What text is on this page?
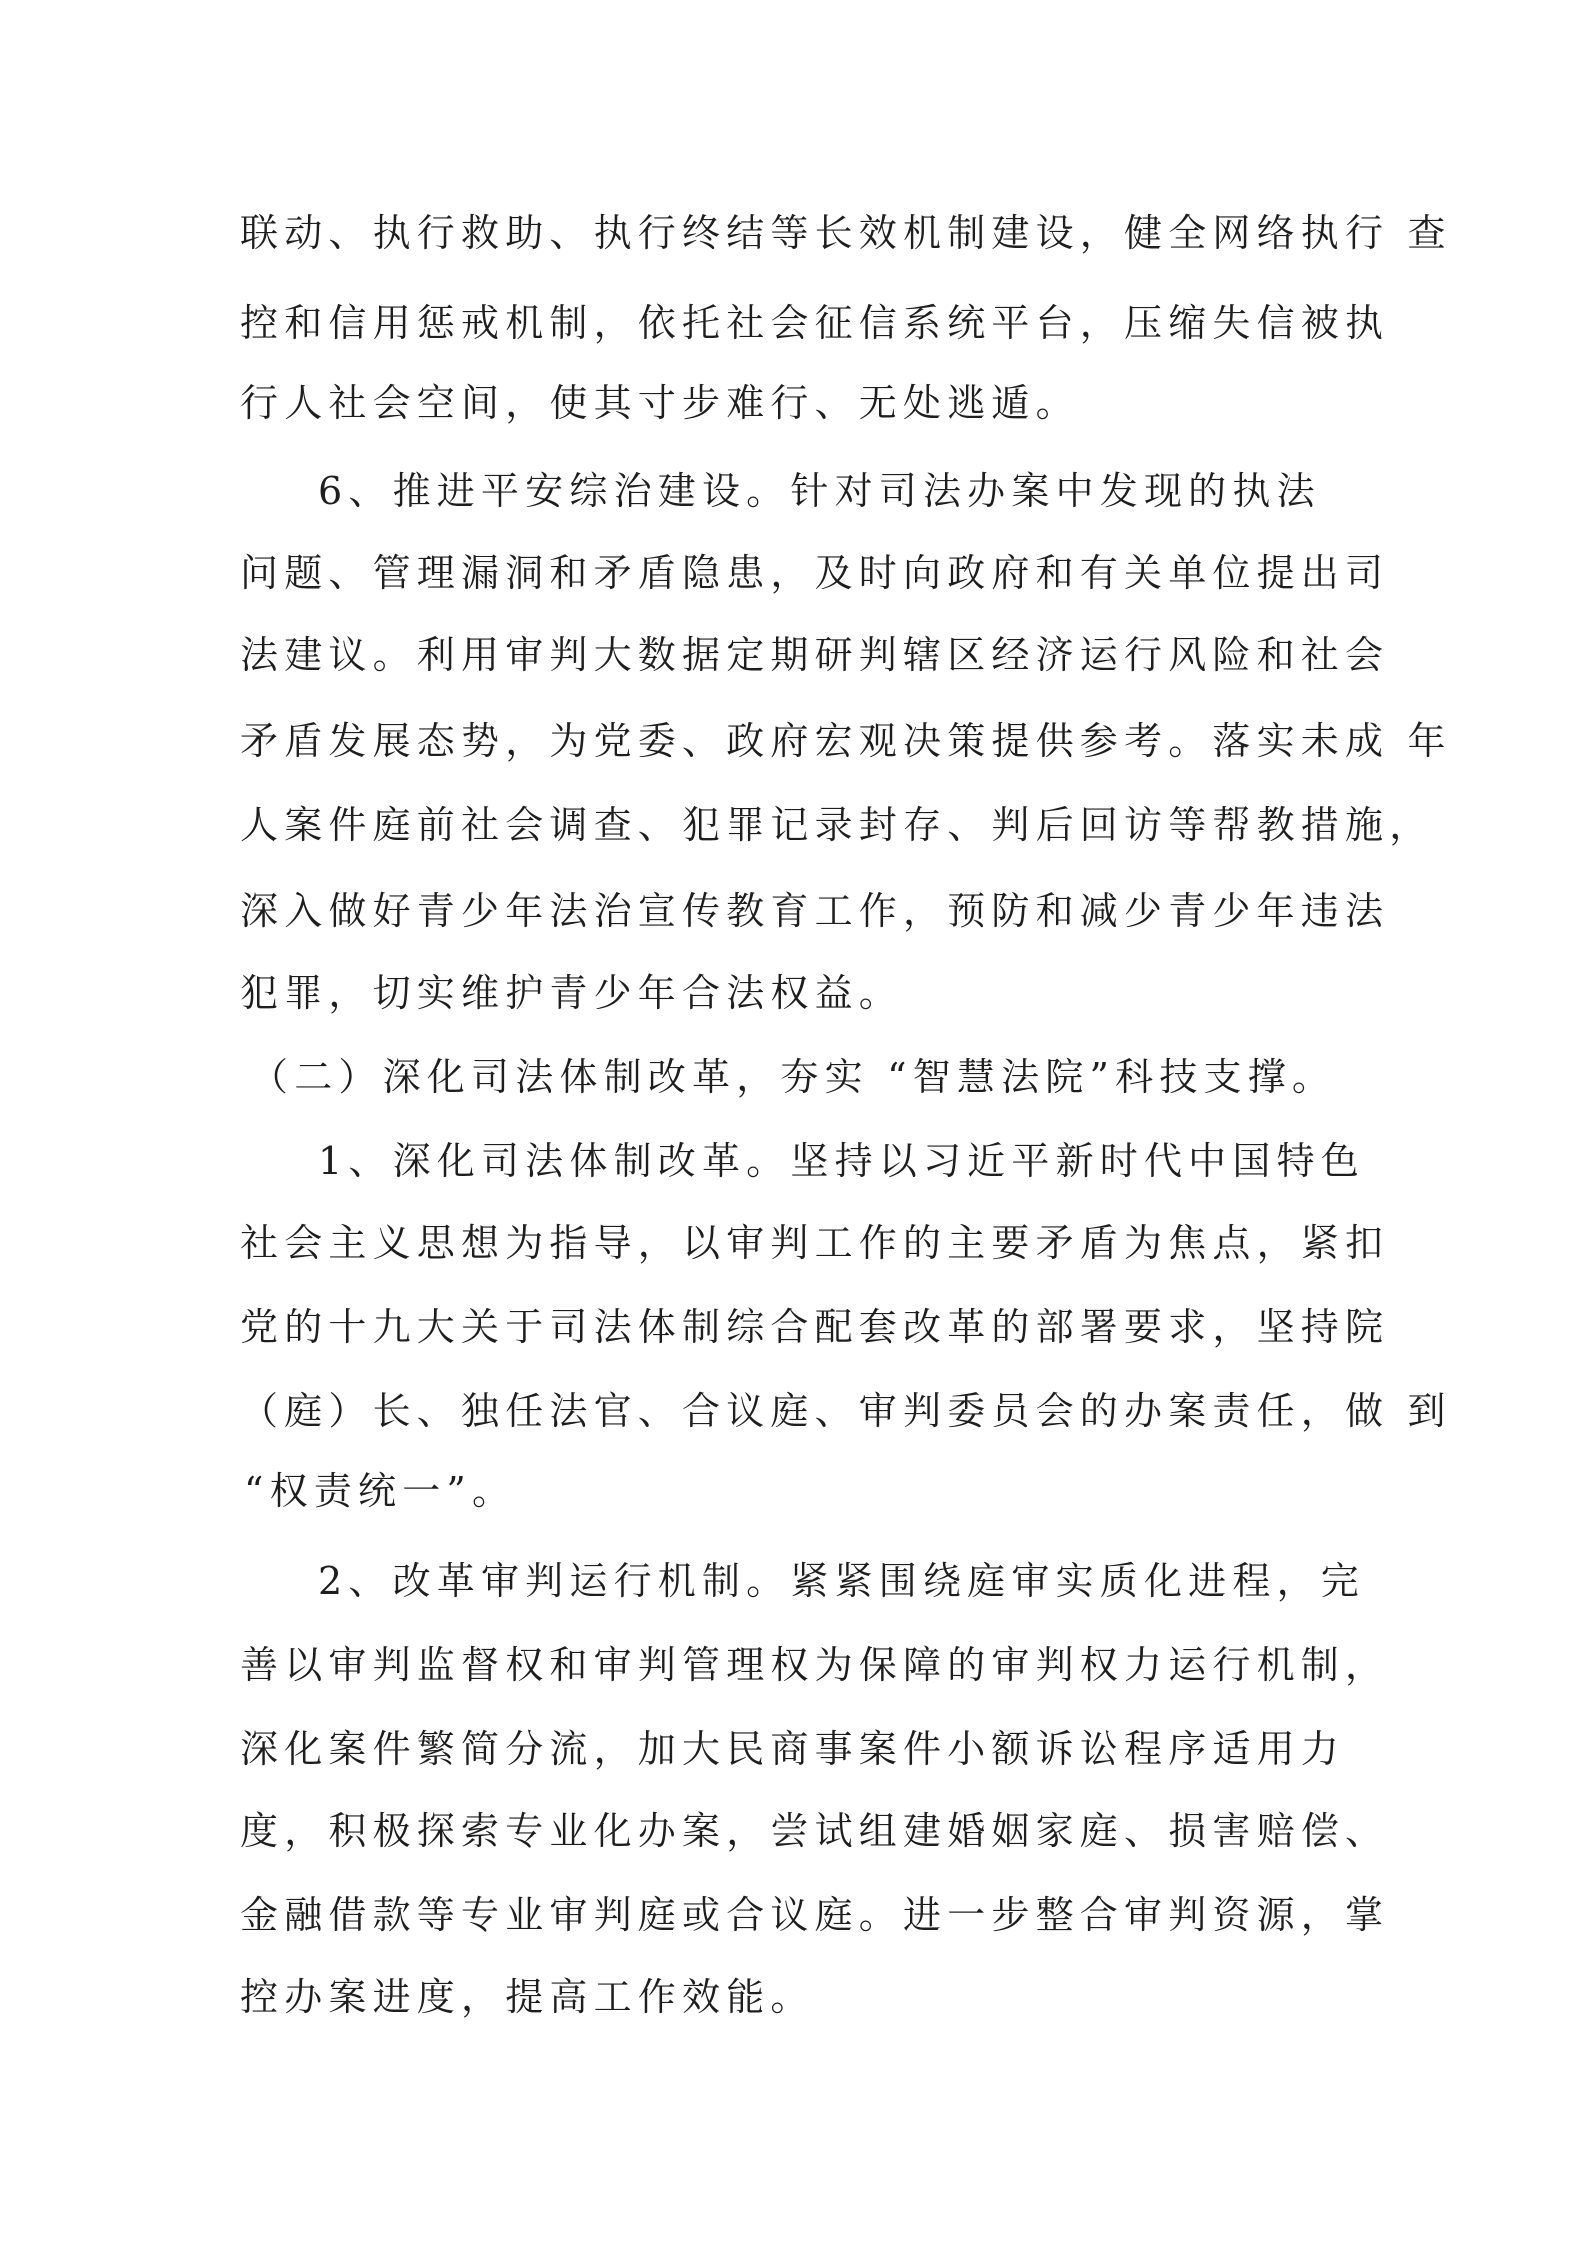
联动、执行救助、执行终结等长效机制建设，健全网络执行 查
控和信用惩戒机制，依托社会征信系统平台，压缩失信被执
行人社会空间，使其寸步难行、无处逃遁。
6、推进平安综治建设。针对司法办案中发现的执法
问题、管理漏洞和矛盾隐患，及时向政府和有关单位提出司
法建议。利用审判大数据定期研判辖区经济运行风险和社会
矛盾发展态势，为党委、政府宏观决策提供参考。落实未成 年
人案件庭前社会调查、犯罪记录封存、判后回访等帮教措施，
深入做好青少年法治宣传教育工作，预防和减少青少年违法
犯罪，切实维护青少年合法权益。
（二）深化司法体制改革，夯实 “智慧法院”科技支撑。
1、深化司法体制改革。坚持以习近平新时代中国特色
社会主义思想为指导，以审判工作的主要矛盾为焦点，紧扣
党的十九大关于司法体制综合配套改革的部署要求，坚持院
（庭）长、独任法官、合议庭、审判委员会的办案责任，做 到
“权责统一”。
2、改革审判运行机制。紧紧围绕庭审实质化进程，完
善以审判监督权和审判管理权为保障的审判权力运行机制，
深化案件繁简分流，加大民商事案件小额诉讼程序适用力
度，积极探索专业化办案，尝试组建婚姻家庭、损害赔偿、
金融借款等专业审判庭或合议庭。进一步整合审判资源，掌
控办案进度，提高工作效能。
